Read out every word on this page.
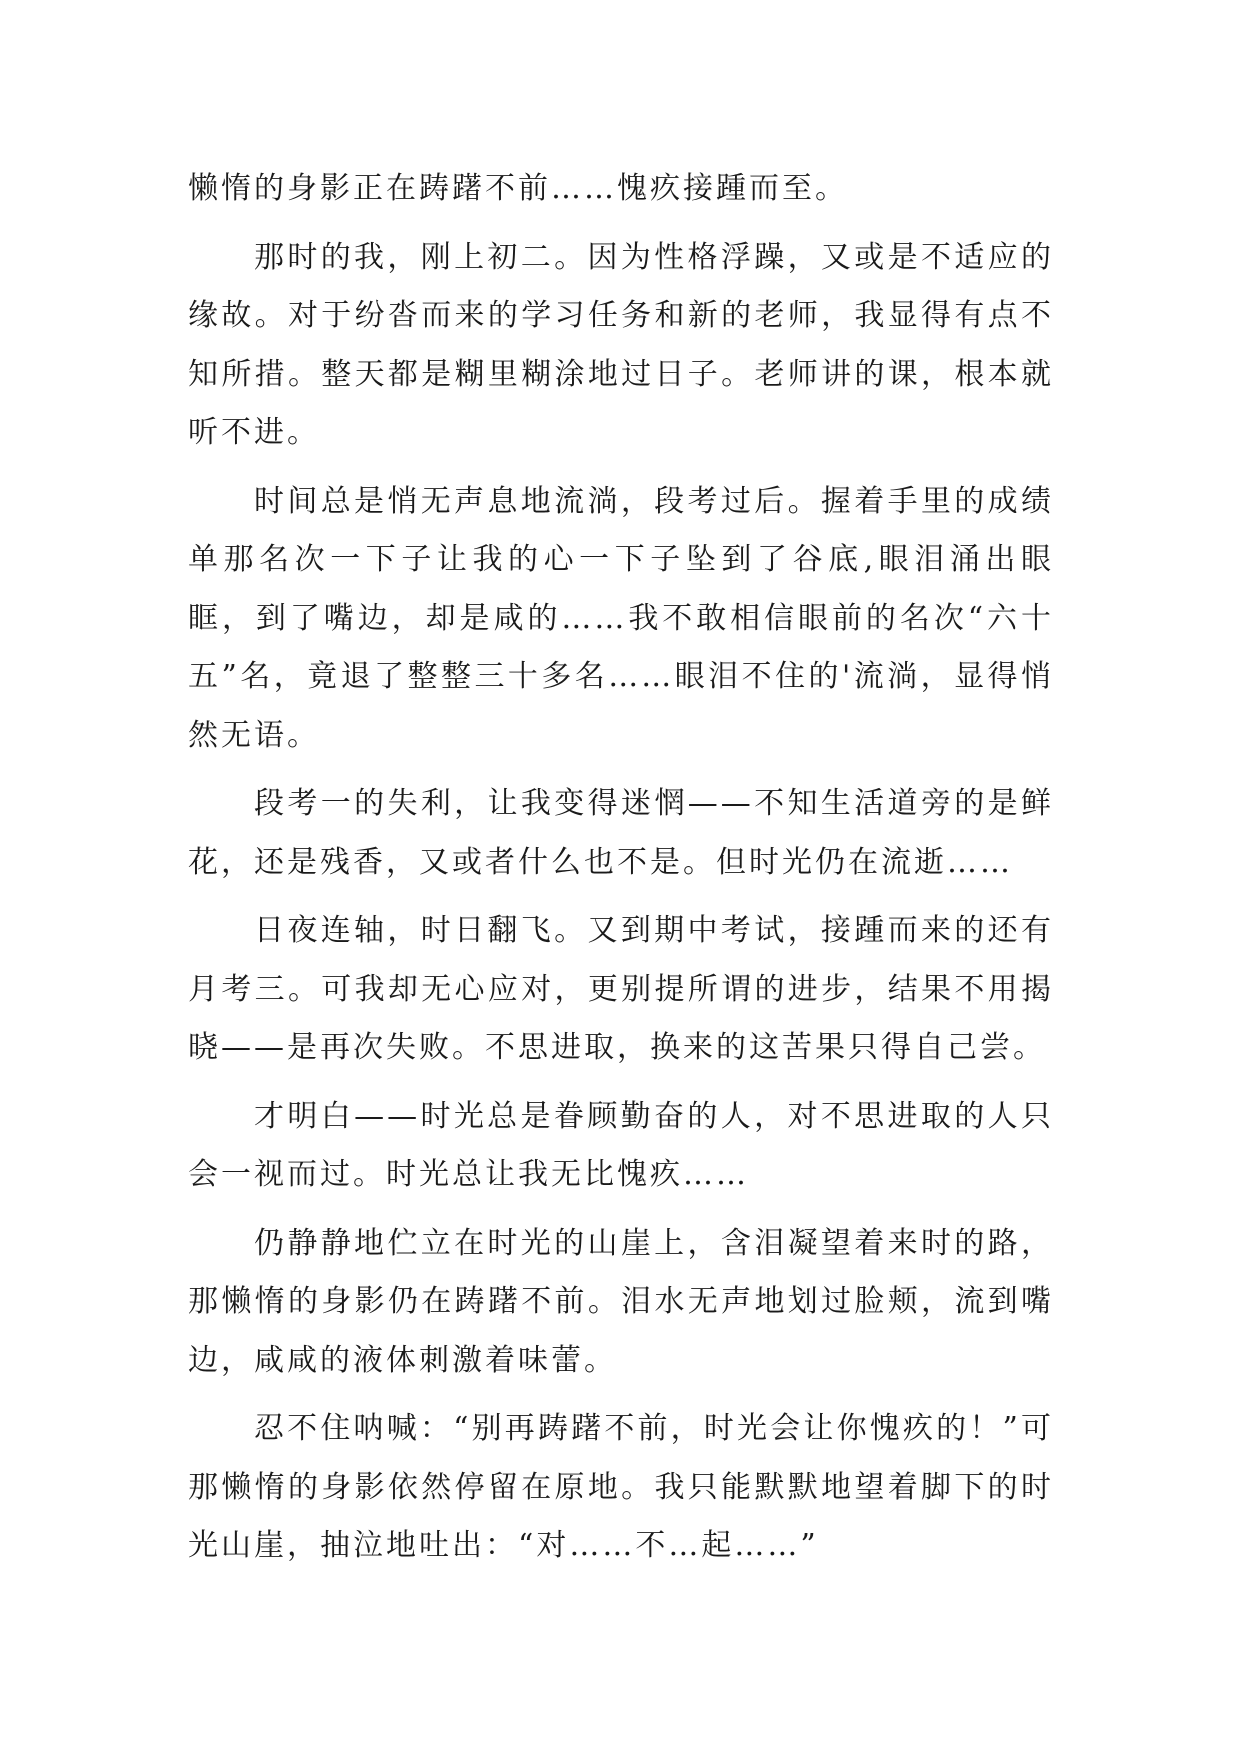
懒惰的身影正在踌躇不前……愧疚接踵而至。

那时的我，刚上初二。因为性格浮躁，又或是不适应的缘故。对于纷沓而来的学习任务和新的老师，我显得有点不知所措。整天都是糊里糊涂地过日子。老师讲的课，根本就听不进。

时间总是悄无声息地流淌，段考过后。握着手里的成绩单那名次一下子让我的心一下子坠到了谷底,眼泪涌出眼眶，到了嘴边，却是咸的……我不敢相信眼前的名次“六十五”名，竟退了整整三十多名……眼泪不住的'流淌，显得悄然无语。

段考一的失利，让我变得迷惘——不知生活道旁的是鲜花，还是残香，又或者什么也不是。但时光仍在流逝……

日夜连轴，时日翻飞。又到期中考试，接踵而来的还有月考三。可我却无心应对，更别提所谓的进步，结果不用揭晓——是再次失败。不思进取，换来的这苦果只得自己尝。

才明白——时光总是眷顾勤奋的人，对不思进取的人只会一视而过。时光总让我无比愧疚……

仍静静地伫立在时光的山崖上，含泪凝望着来时的路，那懒惰的身影仍在踌躇不前。泪水无声地划过脸颊，流到嘴边，咸咸的液体刺激着味蕾。

忍不住呐喊：“别再踌躇不前，时光会让你愧疚的！”可那懒惰的身影依然停留在原地。我只能默默地望着脚下的时光山崖，抽泣地吐出：“对……不…起……”
